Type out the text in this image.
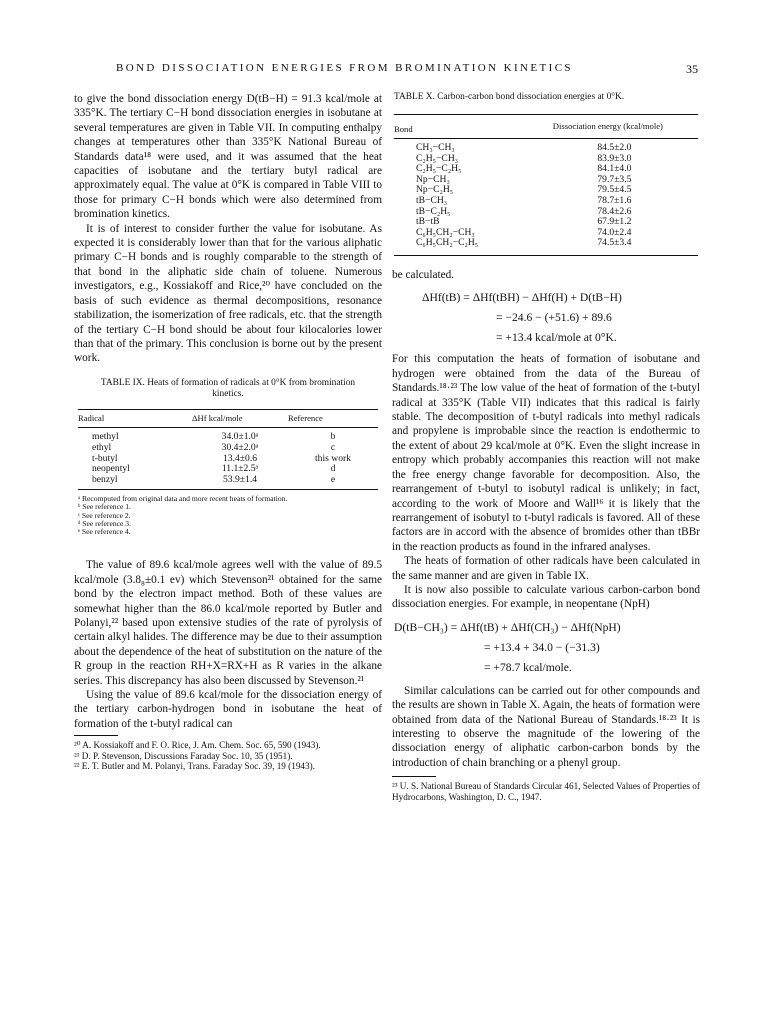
BOND DISSOCIATION ENERGIES FROM BROMINATION KINETICS	35

to give the bond dissociation energy D(tB−H) = 91.3 kcal/mole at 335°K. The tertiary C−H bond dissociation energies in isobutane at several temperatures are given in Table VII. In computing enthalpy changes at temperatures other than 335°K National Bureau of Standards data¹⁸ were used, and it was assumed that the heat capacities of isobutane and the tertiary butyl radical are approximately equal. The value at 0°K is compared in Table VIII to those for primary C−H bonds which were also determined from bromination kinetics.

It is of interest to consider further the value for isobutane. As expected it is considerably lower than that for the various aliphatic primary C−H bonds and is roughly comparable to the strength of that bond in the aliphatic side chain of toluene. Numerous investigators, e.g., Kossiakoff and Rice,²⁰ have concluded on the basis of such evidence as thermal decompositions, resonance stabilization, the isomerization of free radicals, etc. that the strength of the tertiary C−H bond should be about four kilocalories lower than that of the primary. This conclusion is borne out by the present work.

TABLE IX. Heats of formation of radicals at 0°K from bromination kinetics.
Radical	ΔHf kcal/mole	Reference
methyl	34.0±1.0ᵃ	b
ethyl	30.4±2.0ᵃ	c
t-butyl	13.4±0.6	this work
neopentyl	11.1±2.5ᵃ	d
benzyl	53.9±1.4	e
ᵃ Recomputed from original data and more recent heats of formation.
ᵇ See reference 1.
ᶜ See reference 2.
ᵈ See reference 3.
ᵉ See reference 4.

The value of 89.6 kcal/mole agrees well with the value of 89.5 kcal/mole (3.8₈±0.1 ev) which Stevenson²¹ obtained for the same bond by the electron impact method. Both of these values are somewhat higher than the 86.0 kcal/mole reported by Butler and Polanyi,²² based upon extensive studies of the rate of pyrolysis of certain alkyl halides. The difference may be due to their assumption about the dependence of the heat of substitution on the nature of the R group in the reaction RH+X=RX+H as R varies in the alkane series. This discrepancy has also been discussed by Stevenson.²¹

Using the value of 89.6 kcal/mole for the dissociation energy of the tertiary carbon-hydrogen bond in isobutane the heat of formation of the t-butyl radical can

²⁰ A. Kossiakoff and F. O. Rice, J. Am. Chem. Soc. 65, 590 (1943).
²¹ D. P. Stevenson, Discussions Faraday Soc. 10, 35 (1951).
²² E. T. Butler and M. Polanyi, Trans. Faraday Soc. 39, 19 (1943).
TABLE X. Carbon-carbon bond dissociation energies at 0°K.
Bond	Dissociation energy (kcal/mole)
CH₃−CH₃	84.5±2.0
C₂H₅−CH₃	83.9±3.0
C₂H₅−C₂H₅	84.1±4.0
Np−CH₃	79.7±3.5
Np−C₂H₅	79.5±4.5
tB−CH₃	78.7±1.6
tB−C₂H₅	78.4±2.6
tB−tB	67.9±1.2
C₆H₅CH₂−CH₃	74.0±2.4
C₆H₅CH₂−C₂H₅	74.5±3.4

be calculated.

ΔHf(tB) = ΔHf(tBH) − ΔHf(H) + D(tB−H)
= −24.6 − (+51.6) + 89.6
= +13.4 kcal/mole at 0°K.

For this computation the heats of formation of isobutane and hydrogen were obtained from the data of the Bureau of Standards.¹⁸·²³ The low value of the heat of formation of the t-butyl radical at 335°K (Table VII) indicates that this radical is fairly stable. The decomposition of t-butyl radicals into methyl radicals and propylene is improbable since the reaction is endothermic to the extent of about 29 kcal/mole at 0°K. Even the slight increase in entropy which probably accompanies this reaction will not make the free energy change favorable for decomposition. Also, the rearrangement of t-butyl to isobutyl radical is unlikely; in fact, according to the work of Moore and Wall¹⁶ it is likely that the rearrangement of isobutyl to t-butyl radicals is favored. All of these factors are in accord with the absence of bromides other than tBBr in the reaction products as found in the infrared analyses.

The heats of formation of other radicals have been calculated in the same manner and are given in Table IX.

It is now also possible to calculate various carbon-carbon bond dissociation energies. For example, in neopentane (NpH)

D(tB−CH₃) = ΔHf(tB) + ΔHf(CH₃) − ΔHf(NpH)
= +13.4 + 34.0 − (−31.3)
= +78.7 kcal/mole.

Similar calculations can be carried out for other compounds and the results are shown in Table X. Again, the heats of formation were obtained from data of the National Bureau of Standards.¹⁸·²³ It is interesting to observe the magnitude of the lowering of the dissociation energy of aliphatic carbon-carbon bonds by the introduction of chain branching or a phenyl group.

²³ U. S. National Bureau of Standards Circular 461, Selected Values of Properties of Hydrocarbons, Washington, D. C., 1947.
